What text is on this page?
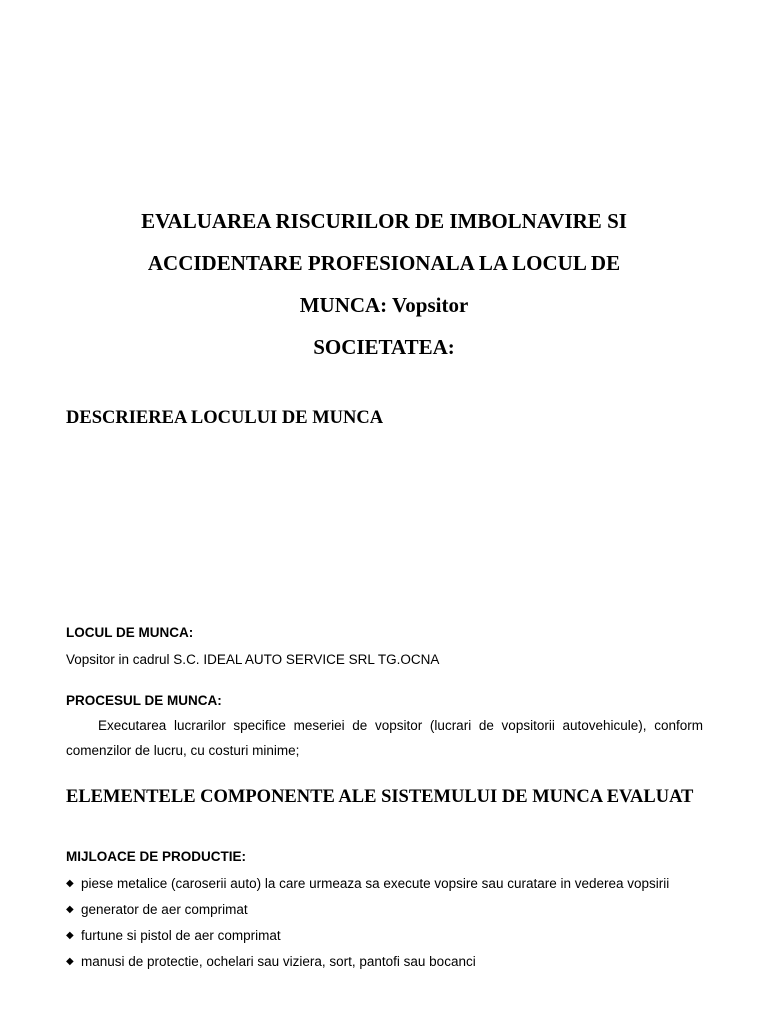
EVALUAREA RISCURILOR DE IMBOLNAVIRE SI
ACCIDENTARE PROFESIONALA LA LOCUL DE
MUNCA: Vopsitor
SOCIETATEA:
DESCRIEREA LOCULUI DE MUNCA

LOCUL DE MUNCA:

Vopsitor in cadrul S.C. IDEAL AUTO SERVICE SRL TG.OCNA

PROCESUL DE MUNCA:

Executarea lucrarilor specifice meseriei de vopsitor (lucrari de vopsitorii autovehicule), conform comenzilor de lucru, cu costuri minime;

ELEMENTELE COMPONENTE ALE SISTEMULUI DE MUNCA EVALUAT

MIJLOACE DE PRODUCTIE:

◆ piese metalice (caroserii auto) la care urmeaza sa execute vopsire sau curatare in vederea vopsirii
◆ generator de aer comprimat
◆ furtune si pistol de aer comprimat
◆ manusi de protectie, ochelari sau viziera, sort, pantofi sau bocanci
